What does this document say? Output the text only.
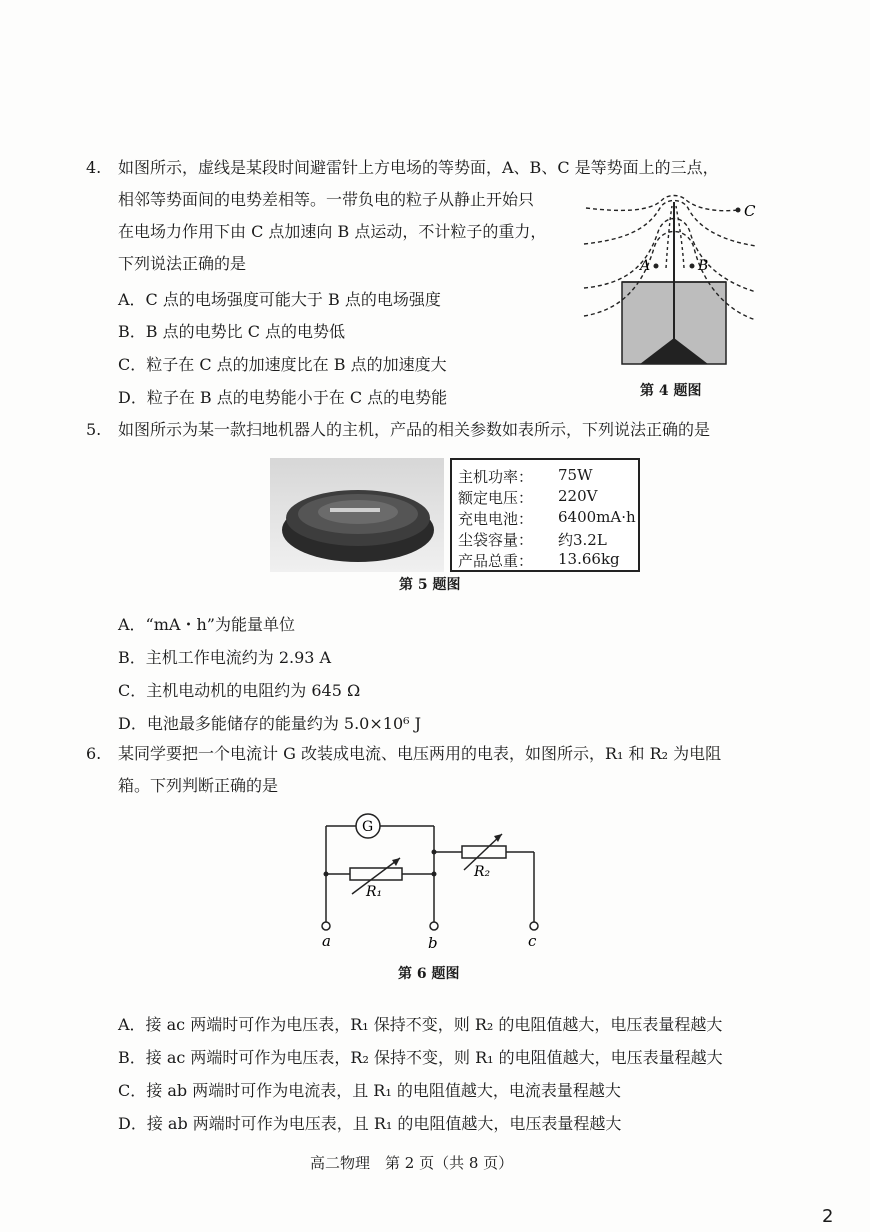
4. 如图所示，虚线是某段时间避雷针上方电场的等势面，A、B、C 是等势面上的三点，
相邻等势面间的电势差相等。一带负电的粒子从静止开始只
在电场力作用下由 C 点加速向 B 点运动，不计粒子的重力，
下列说法正确的是
A．C 点的电场强度可能大于 B 点的电场强度
B．B 点的电势比 C 点的电势低
C．粒子在 C 点的加速度比在 B 点的加速度大
D．粒子在 B 点的电势能小于在 C 点的电势能
C
A	B
第 4 题图
5. 如图所示为某一款扫地机器人的主机，产品的相关参数如表所示，下列说法正确的是
主机功率： 75W
额定电压： 220V
充电电池： 6400mA·h
尘袋容量： 约3.2L
产品总重： 13.66kg
第 5 题图
A．“mA・h”为能量单位
B．主机工作电流约为 2.93 A
C．主机电动机的电阻约为 645 Ω
D．电池最多能储存的能量约为 5.0×10⁶ J
6. 某同学要把一个电流计 G 改装成电流、电压两用的电表，如图所示，R₁ 和 R₂ 为电阻
箱。下列判断正确的是
G
R₁
R₂
a	b	c
第 6 题图
A．接 ac 两端时可作为电压表，R₁ 保持不变，则 R₂ 的电阻值越大，电压表量程越大
B．接 ac 两端时可作为电压表，R₂ 保持不变，则 R₁ 的电阻值越大，电压表量程越大
C．接 ab 两端时可作为电流表，且 R₁ 的电阻值越大，电流表量程越大
D．接 ab 两端时可作为电压表，且 R₁ 的电阻值越大，电压表量程越大
高二物理　第 2 页（共 8 页）
2
